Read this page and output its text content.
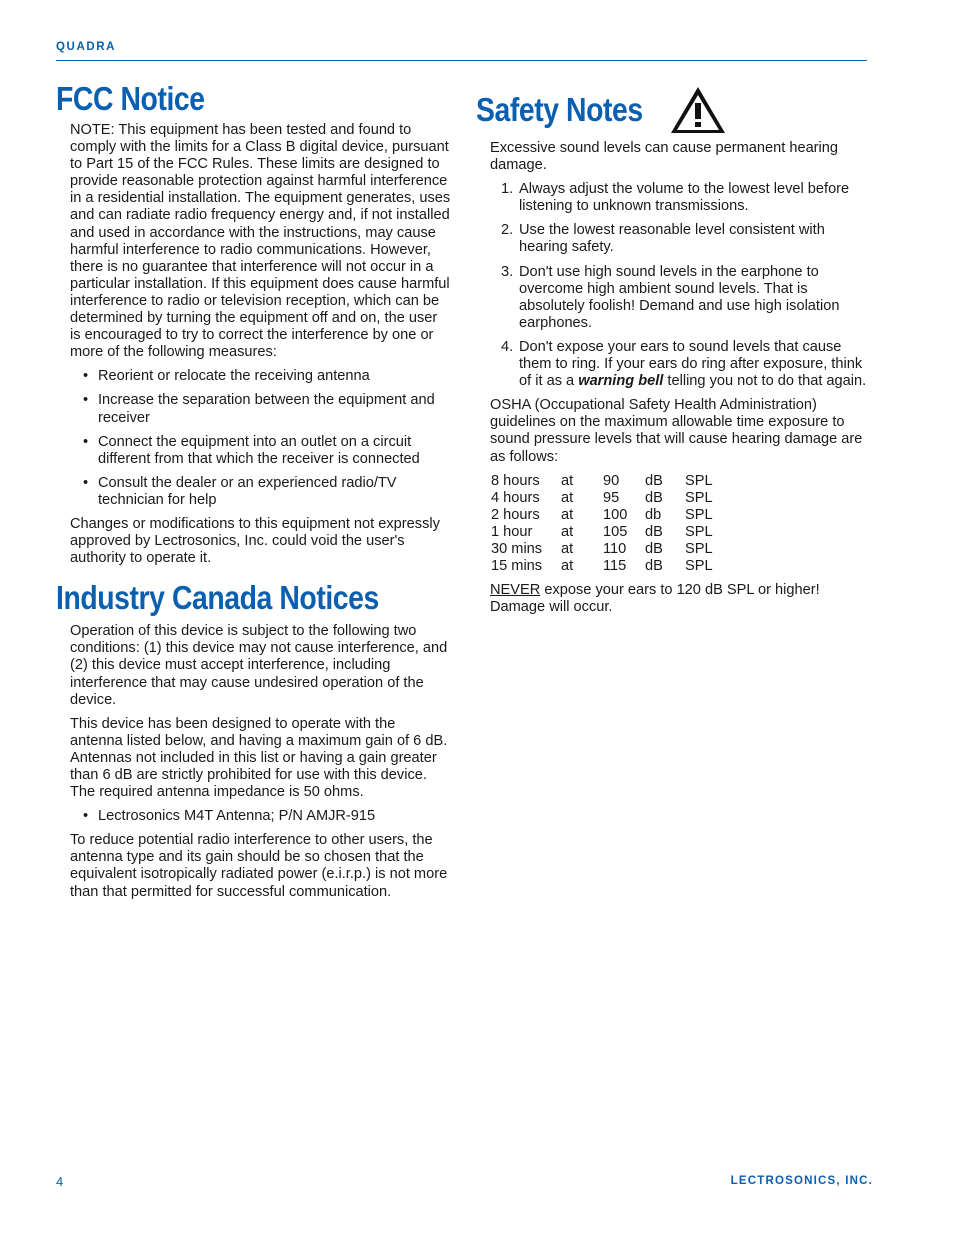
QUADRA
FCC Notice

NOTE: This equipment has been tested and found to comply with the limits for a Class B digital device, pursuant to Part 15 of the FCC Rules. These limits are designed to provide reasonable protection against harmful interference in a residential installation. The equipment generates, uses and can radiate radio frequency energy and, if not installed and used in accordance with the instructions, may cause harmful interference to radio communications. However, there is no guarantee that interference will not occur in a particular installation. If this equipment does cause harmful interference to radio or television reception, which can be determined by turning the equipment off and on, the user is encouraged to try to correct the interference by one or more of the following measures:

• Reorient or relocate the receiving antenna
• Increase the separation between the equipment and receiver
• Connect the equipment into an outlet on a circuit different from that which the receiver is connected
• Consult the dealer or an experienced radio/TV technician for help

Changes or modifications to this equipment not expressly approved by Lectrosonics, Inc. could void the user's authority to operate it.

Industry Canada Notices

Operation of this device is subject to the following two conditions: (1) this device may not cause interference, and (2) this device must accept interference, including interference that may cause undesired operation of the device.

This device has been designed to operate with the antenna listed below, and having a maximum gain of 6 dB. Antennas not included in this list or having a gain greater than 6 dB are strictly prohibited for use with this device. The required antenna impedance is 50 ohms.

• Lectrosonics M4T Antenna; P/N AMJR-915

To reduce potential radio interference to other users, the antenna type and its gain should be so chosen that the equivalent isotropically radiated power (e.i.r.p.) is not more than that permitted for successful communication.

Safety Notes

Excessive sound levels can cause permanent hearing damage.

1. Always adjust the volume to the lowest level before listening to unknown transmissions.
2. Use the lowest reasonable level consistent with hearing safety.
3. Don't use high sound levels in the earphone to overcome high ambient sound levels. That is absolutely foolish! Demand and use high isolation earphones.
4. Don't expose your ears to sound levels that cause them to ring. If your ears do ring after exposure, think of it as a warning bell telling you not to do that again.

OSHA (Occupational Safety Health Administration) guidelines on the maximum allowable time exposure to sound pressure levels that will cause hearing damage are as follows:

8 hours	at	90	dB	SPL
4 hours	at	95	dB	SPL
2 hours	at	100	db	SPL
1 hour	at	105	dB	SPL
30 mins	at	110	dB	SPL
15 mins	at	115	dB	SPL

NEVER expose your ears to 120 dB SPL or higher! Damage will occur.

4	LECTROSONICS, INC.
